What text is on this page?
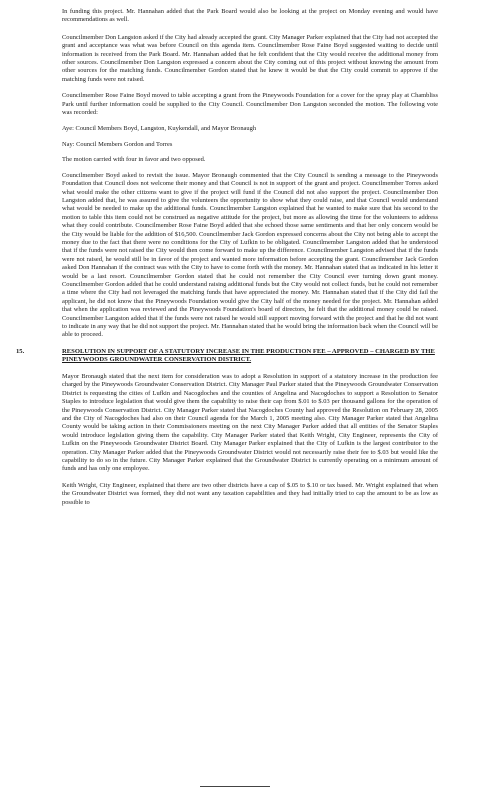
In funding this project. Mr. Hannahan added that the Park Board would also be looking at the project on Monday evening and would have recommendations as well.

Councilmember Don Langston asked if the City had already accepted the grant. City Manager Parker explained that the City had not accepted the grant and acceptance was what was before Council on this agenda item. Councilmember Rose Faine Boyd suggested waiting to decide until information is received from the Park Board. Mr. Hannahan added that he felt confident that the City would receive the additional money from other sources. Councilmember Don Langston expressed a concern about the City coming out of this project without knowing the amount from other sources for the matching funds. Councilmember Gordon stated that he knew it would be that the City could commit to approve if the matching funds were not raised.

Councilmember Rose Faine Boyd moved to table accepting a grant from the Pineywoods Foundation for a cover for the spray play at Chambliss Park until further information could be supplied to the City Council. Councilmember Don Langston seconded the motion. The following vote was recorded:

Aye: Council Members Boyd, Langston, Kuykendall, and Mayor Bronaugh

Nay: Council Members Gordon and Torres

The motion carried with four in favor and two opposed.

Councilmember Boyd asked to revisit the issue. Mayor Bronaugh commented that the City Council is sending a message to the Pineywoods Foundation that Council does not welcome their money and that Council is not in support of the grant and project. Councilmember Torres asked what would make the other citizens want to give if the project will fund if the Council did not also support the project. Councilmember Don Langston added that, he was assured to give the volunteers the opportunity to show what they could raise, and that Council would understand what would be needed to make up the additional funds. Councilmember Langston explained that he wanted to make sure that his second to the motion to table this item could not be construed as negative attitude for the project, but more as allowing the time for the volunteers to address what they could contribute. Councilmember Rose Faine Boyd added that she echoed those same sentiments and that her only concern would be the City would be liable for the addition of $16,500. Councilmember Jack Gordon expressed concerns about the City not being able to accept the money due to the fact that there were no conditions for the City of Lufkin to be obligated. Councilmember Langston added that he understood that if the funds were not raised the City would then come forward to make up the difference. Councilmember Langston advised that if the funds were not raised, he would still be in favor of the project and wanted more information before accepting the grant. Councilmember Jack Gordon asked Don Hannahan if the contract was with the City to have to come forth with the money. Mr. Hannahan stated that as indicated in his letter it would be a last resort. Councilmember Gordon stated that he could not remember the City Council ever turning down grant money. Councilmember Gordon added that he could understand raising additional funds but the City would not collect funds, but he could not remember a time where the City had not leveraged the matching funds that have appreciated the money. Mr. Hannahan stated that if the City did fail the applicant, he did not know that the Pineywoods Foundation would give the City half of the money needed for the project. Mr. Hannahan added that when the application was reviewed and the Pineywoods Foundation's board of directors, he felt that the additional money could be raised. Councilmember Langston added that if the funds were not raised he would still support moving forward with the project and that he did not want to indicate in any way that he did not support the project. Mr. Hannahan stated that he would bring the information back when the Council will be able to proceed.

15.	RESOLUTION IN SUPPORT OF A STATUTORY INCREASE IN THE PRODUCTION FEE – APPROVED – CHARGED BY THE PINEYWOODS GROUNDWATER CONSERVATION DISTRICT.

Mayor Bronaugh stated that the next item for consideration was to adopt a Resolution in support of a statutory increase in the production fee charged by the Pineywoods Groundwater Conservation District. City Manager Paul Parker stated that the Pineywoods Groundwater Conservation District is requesting the cities of Lufkin and Nacogdoches and the counties of Angelina and Nacogdoches to support a Resolution to Senator Staples to introduce legislation that would give them the capability to raise their cap from $.01 to $.03 per thousand gallons for the operation of the Pineywoods Conservation District. City Manager Parker stated that Nacogdoches County had approved the Resolution on February 28, 2005 and the City of Nacogdoches had also on their Council agenda for the March 1, 2005 meeting also. City Manager Parker stated that Angelina County would be taking action in their Commissioners meeting on the next City Manager Parker added that all entities of the Senator Staples would introduce legislation giving them the capability. City Manager Parker stated that Keith Wright, City Engineer, represents the City of Lufkin on the Pineywoods Groundwater District Board. City Manager Parker explained that the City of Lufkin is the largest contributor to the operation. City Manager Parker added that the Pineywoods Groundwater District would not necessarily raise their fee to $.03 but would like the capability to do so in the future. City Manager Parker explained that the Groundwater District is currently operating on a minimum amount of funds and has only one employee.

Keith Wright, City Engineer, explained that there are two other districts have a cap of $.05 to $.10 or tax based. Mr. Wright explained that when the Groundwater District was formed, they did not want any taxation capabilities and they had initially tried to cap the amount to be as low as possible to
